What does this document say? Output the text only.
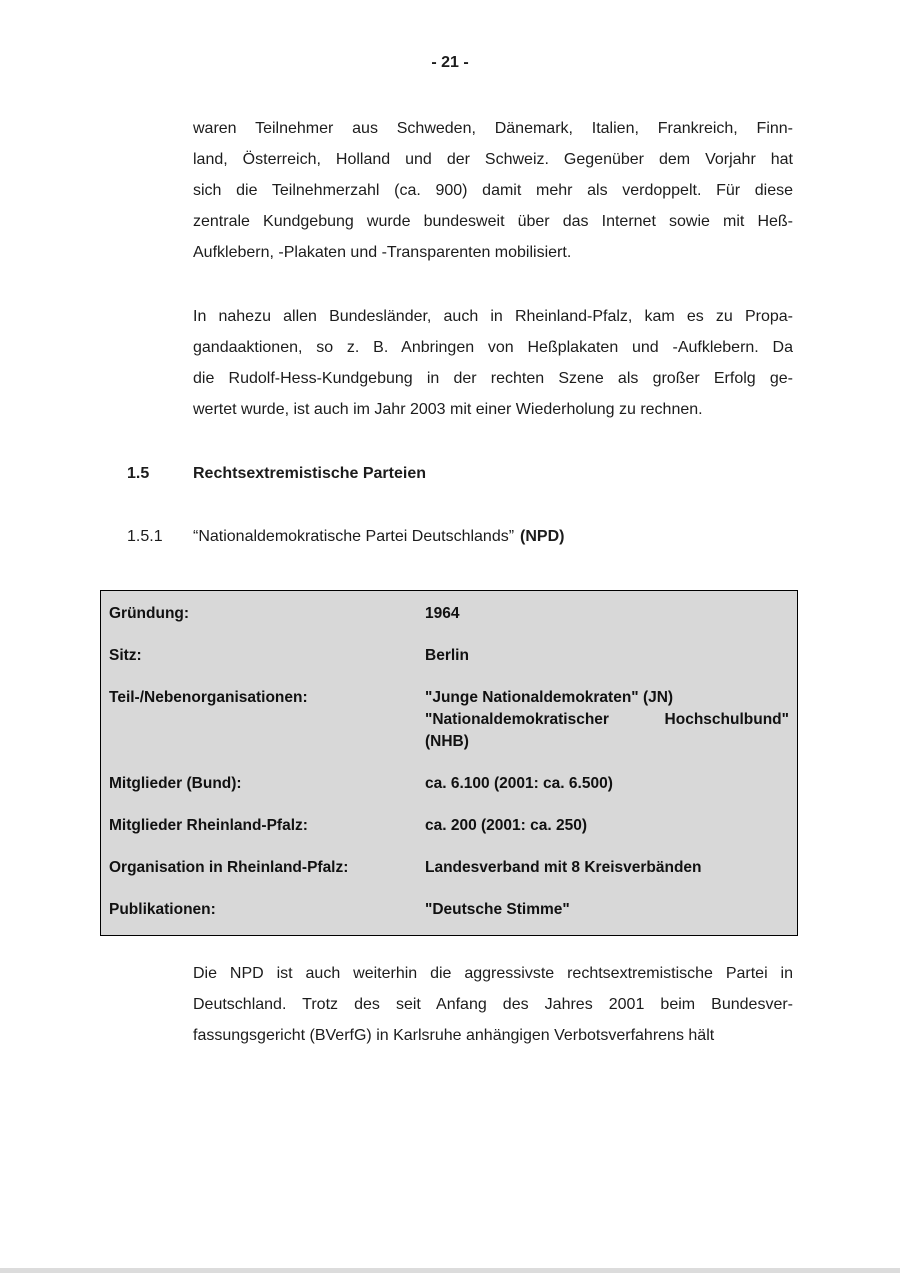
- 21 -
waren Teilnehmer aus Schweden, Dänemark, Italien, Frankreich, Finn-
land, Österreich, Holland und der Schweiz. Gegenüber dem Vorjahr hat
sich die Teilnehmerzahl (ca. 900) damit mehr als verdoppelt. Für diese
zentrale Kundgebung wurde bundesweit über das Internet sowie mit Heß-
Aufklebern, -Plakaten und -Transparenten mobilisiert.
In nahezu allen Bundesländer, auch in Rheinland-Pfalz, kam es zu Propa-
gandaaktionen, so z. B. Anbringen von Heßplakaten und -Aufklebern. Da
die Rudolf-Hess-Kundgebung in der rechten Szene als großer Erfolg ge-
wertet wurde, ist auch im Jahr 2003 mit einer Wiederholung zu rechnen.
1.5	Rechtsextremistische Parteien
1.5.1	“Nationaldemokratische Partei Deutschlands” (NPD)
Gründung:	1964
Sitz:	Berlin
Teil-/Nebenorganisationen:	"Junge Nationaldemokraten" (JN)
"Nationaldemokratischer Hochschulbund"
(NHB)
Mitglieder (Bund):	ca. 6.100 (2001: ca. 6.500)
Mitglieder Rheinland-Pfalz:	ca. 200 (2001: ca. 250)
Organisation in Rheinland-Pfalz:	Landesverband mit 8 Kreisverbänden
Publikationen:	"Deutsche Stimme"
Die NPD ist auch weiterhin die aggressivste rechtsextremistische Partei in
Deutschland. Trotz des seit Anfang des Jahres 2001 beim Bundesver-
fassungsgericht (BVerfG) in Karlsruhe anhängigen Verbotsverfahrens hält
